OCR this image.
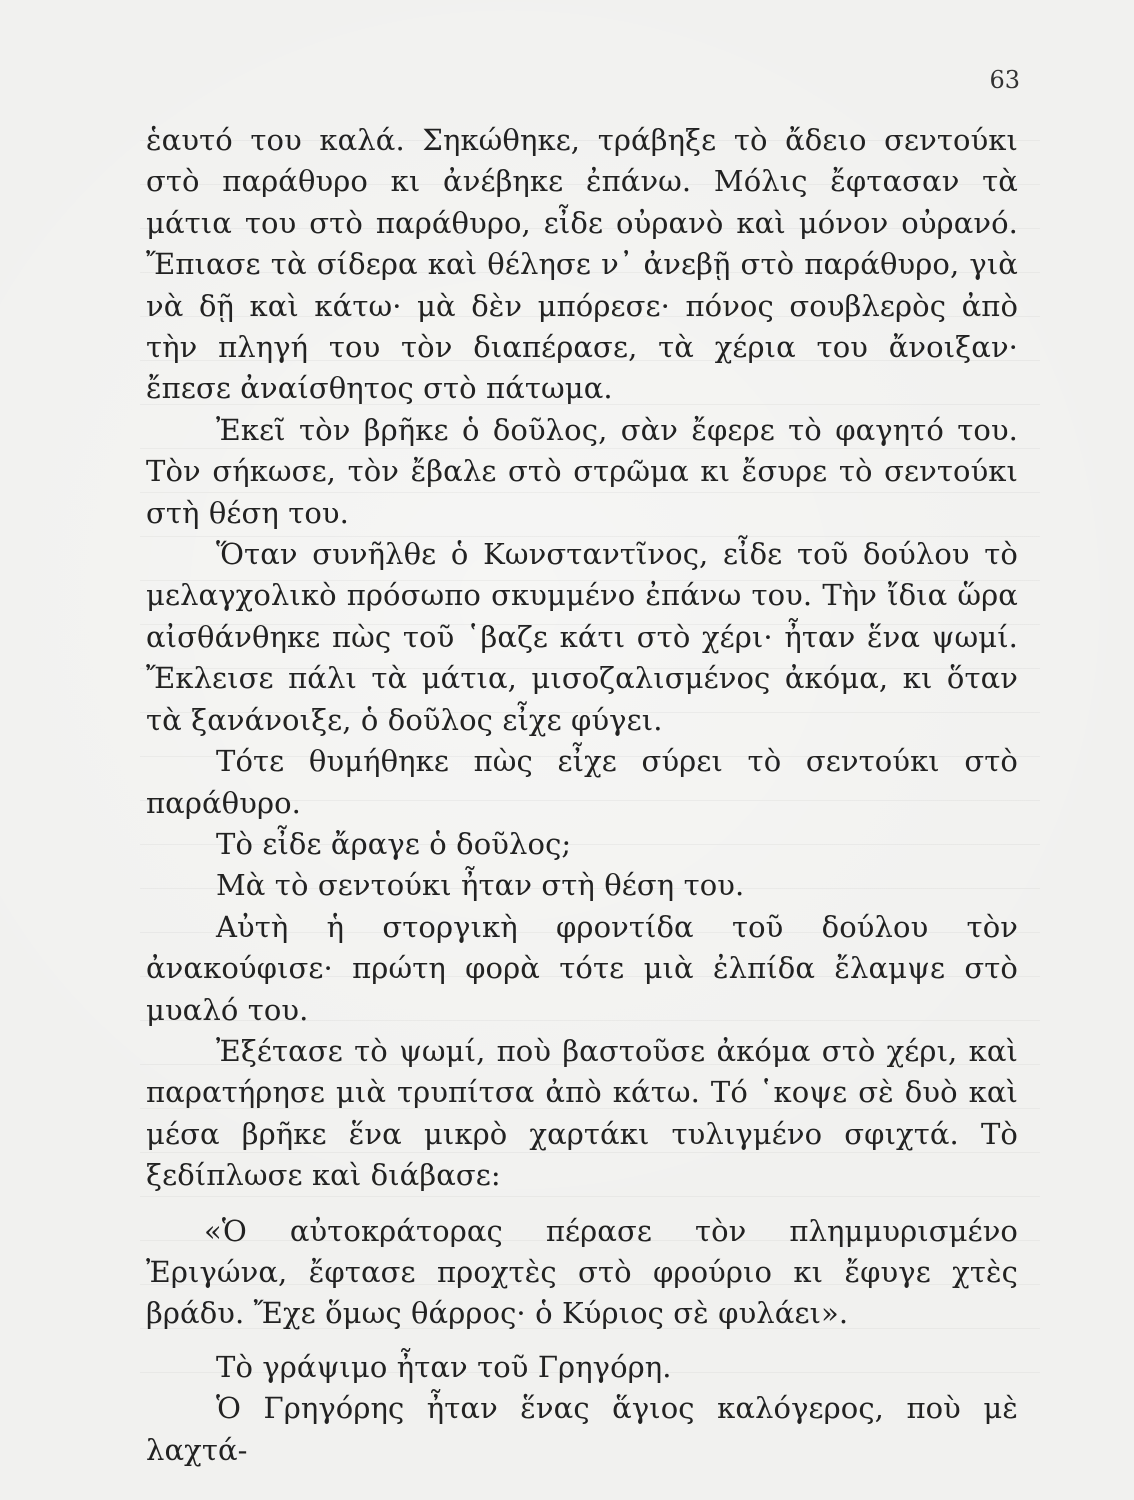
63

ἑαυτό του καλά. Σηκώθηκε, τράβηξε τὸ ἄδειο σεντούκι στὸ παράθυρο κι ἀνέβηκε ἐπάνω. Μόλις ἔφτασαν τὰ μάτια του στὸ παράθυρο, εἶδε οὐρανὸ καὶ μόνον οὐρανό. Ἔπιασε τὰ σίδερα καὶ θέλησε ν᾽ ἀνεβῇ στὸ παράθυρο, γιὰ νὰ δῇ καὶ κάτω· μὰ δὲν μπόρεσε· πόνος σουβλερὸς ἀπὸ τὴν πληγή του τὸν διαπέρασε, τὰ χέρια του ἄνοιξαν· ἔπεσε ἀναίσθητος στὸ πάτωμα.

Ἐκεῖ τὸν βρῆκε ὁ δοῦλος, σὰν ἔφερε τὸ φαγητό του. Τὸν σήκωσε, τὸν ἔβαλε στὸ στρῶμα κι ἔσυρε τὸ σεντούκι στὴ θέση του.

Ὅταν συνῆλθε ὁ Κωνσταντῖνος, εἶδε τοῦ δούλου τὸ μελαγχολικὸ πρόσωπο σκυμμένο ἐπάνω του. Τὴν ἴδια ὥρα αἰσθάνθηκε πὼς τοῦ ῾βαζε κάτι στὸ χέρι· ἦταν ἕνα ψωμί. Ἔκλεισε πάλι τὰ μάτια, μισοζαλισμένος ἀκόμα, κι ὅταν τὰ ξανάνοιξε, ὁ δοῦλος εἶχε φύγει.

Τότε θυμήθηκε πὼς εἶχε σύρει τὸ σεντούκι στὸ παράθυρο.

Τὸ εἶδε ἄραγε ὁ δοῦλος;

Μὰ τὸ σεντούκι ἦταν στὴ θέση του.

Αὐτὴ ἡ στοργικὴ φροντίδα τοῦ δούλου τὸν ἀνακούφισε· πρώτη φορὰ τότε μιὰ ἐλπίδα ἔλαμψε στὸ μυαλό του.

Ἐξέτασε τὸ ψωμί, ποὺ βαστοῦσε ἀκόμα στὸ χέρι, καὶ παρατήρησε μιὰ τρυπίτσα ἀπὸ κάτω. Τό ῾κοψε σὲ δυὸ καὶ μέσα βρῆκε ἕνα μικρὸ χαρτάκι τυλιγμένο σφιχτά. Τὸ ξεδίπλωσε καὶ διάβασε:

«Ὁ αὐτοκράτορας πέρασε τὸν πλημμυρισμένο Ἐριγώνα, ἔφτασε προχτὲς στὸ φρούριο κι ἔφυγε χτὲς βράδυ. Ἔχε ὅμως θάρρος· ὁ Κύριος σὲ φυλάει».

Τὸ γράψιμο ἦταν τοῦ Γρηγόρη.

Ὁ Γρηγόρης ἦταν ἕνας ἅγιος καλόγερος, ποὺ μὲ λαχτά-
